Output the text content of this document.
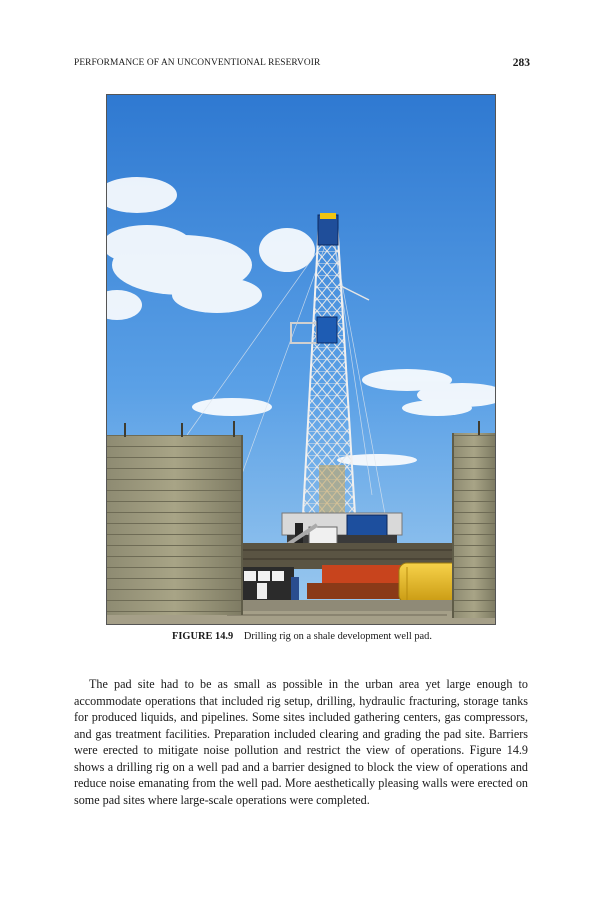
PERFORMANCE OF AN UNCONVENTIONAL RESERVOIR	283
FIGURE 14.9 Drilling rig on a shale development well pad.

The pad site had to be as small as possible in the urban area yet large enough to accommodate operations that included rig setup, drilling, hydraulic fracturing, storage tanks for produced liquids, and pipelines. Some sites included gathering centers, gas compressors, and gas treatment facilities. Preparation included clearing and grading the pad site. Barriers were erected to mitigate noise pollution and restrict the view of operations. Figure 14.9 shows a drilling rig on a well pad and a barrier designed to block the view of operations and reduce noise emanating from the well pad. More aesthetically pleasing walls were erected on some pad sites where large-scale operations were completed.
